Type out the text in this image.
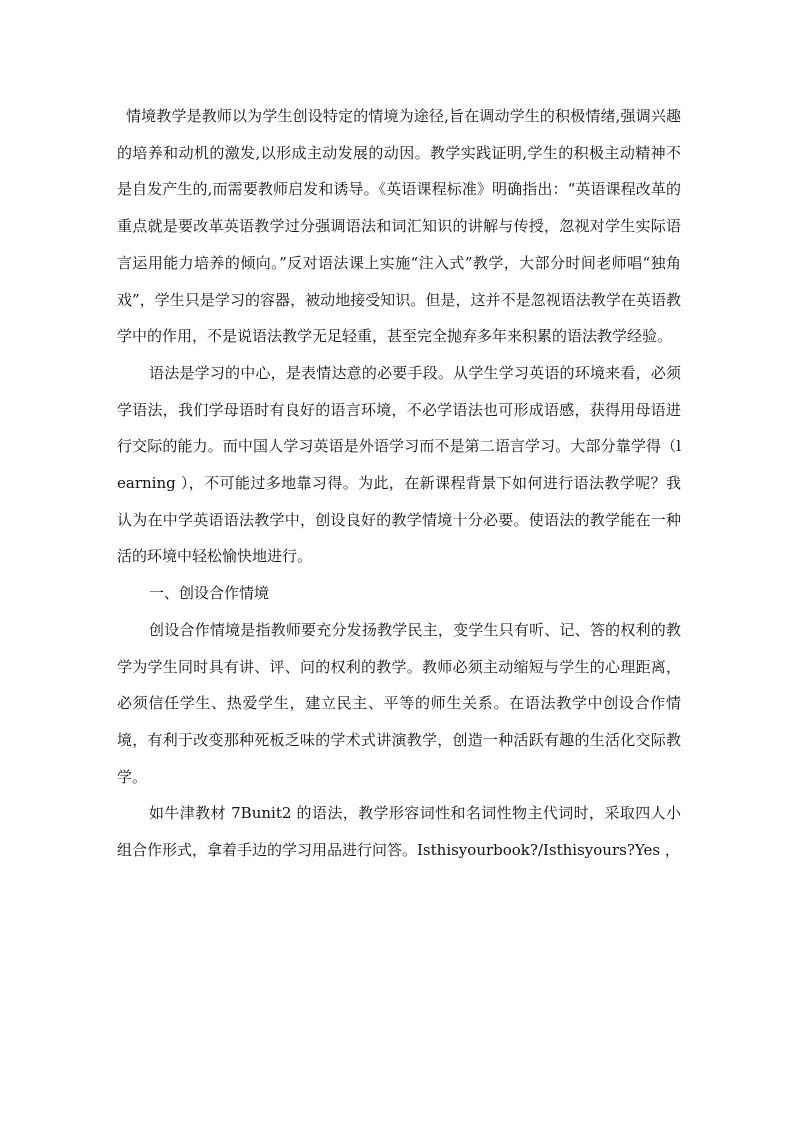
情境教学是教师以为学生创设特定的情境为途径,旨在调动学生的积极情绪,强调兴趣的培养和动机的激发,以形成主动发展的动因。教学实践证明,学生的积极主动精神不是自发产生的,而需要教师启发和诱导。《英语课程标准》明确指出：“英语课程改革的重点就是要改革英语教学过分强调语法和词汇知识的讲解与传授，忽视对学生实际语言运用能力培养的倾向。”反对语法课上实施“注入式”教学，大部分时间老师唱“独角戏”，学生只是学习的容器，被动地接受知识。但是，这并不是忽视语法教学在英语教学中的作用，不是说语法教学无足轻重，甚至完全抛弃多年来积累的语法教学经验。

语法是学习的中心，是表情达意的必要手段。从学生学习英语的环境来看，必须学语法，我们学母语时有良好的语言环境，不必学语法也可形成语感，获得用母语进行交际的能力。而中国人学习英语是外语学习而不是第二语言学习。大部分靠学得（learning ），不可能过多地靠习得。为此，在新课程背景下如何进行语法教学呢？我认为在中学英语语法教学中，创设良好的教学情境十分必要。使语法的教学能在一种活的环境中轻松愉快地进行。

一、创设合作情境

创设合作情境是指教师要充分发扬教学民主，变学生只有听、记、答的权利的教学为学生同时具有讲、评、问的权利的教学。教师必须主动缩短与学生的心理距离，必须信任学生、热爱学生，建立民主、平等的师生关系。在语法教学中创设合作情境，有利于改变那种死板乏味的学术式讲演教学，创造一种活跃有趣的生活化交际教学。

如牛津教材 7Bunit2 的语法，教学形容词性和名词性物主代词时，采取四人小组合作形式，拿着手边的学习用品进行问答。Isthisyourbook?/Isthisyours?Yes ，
